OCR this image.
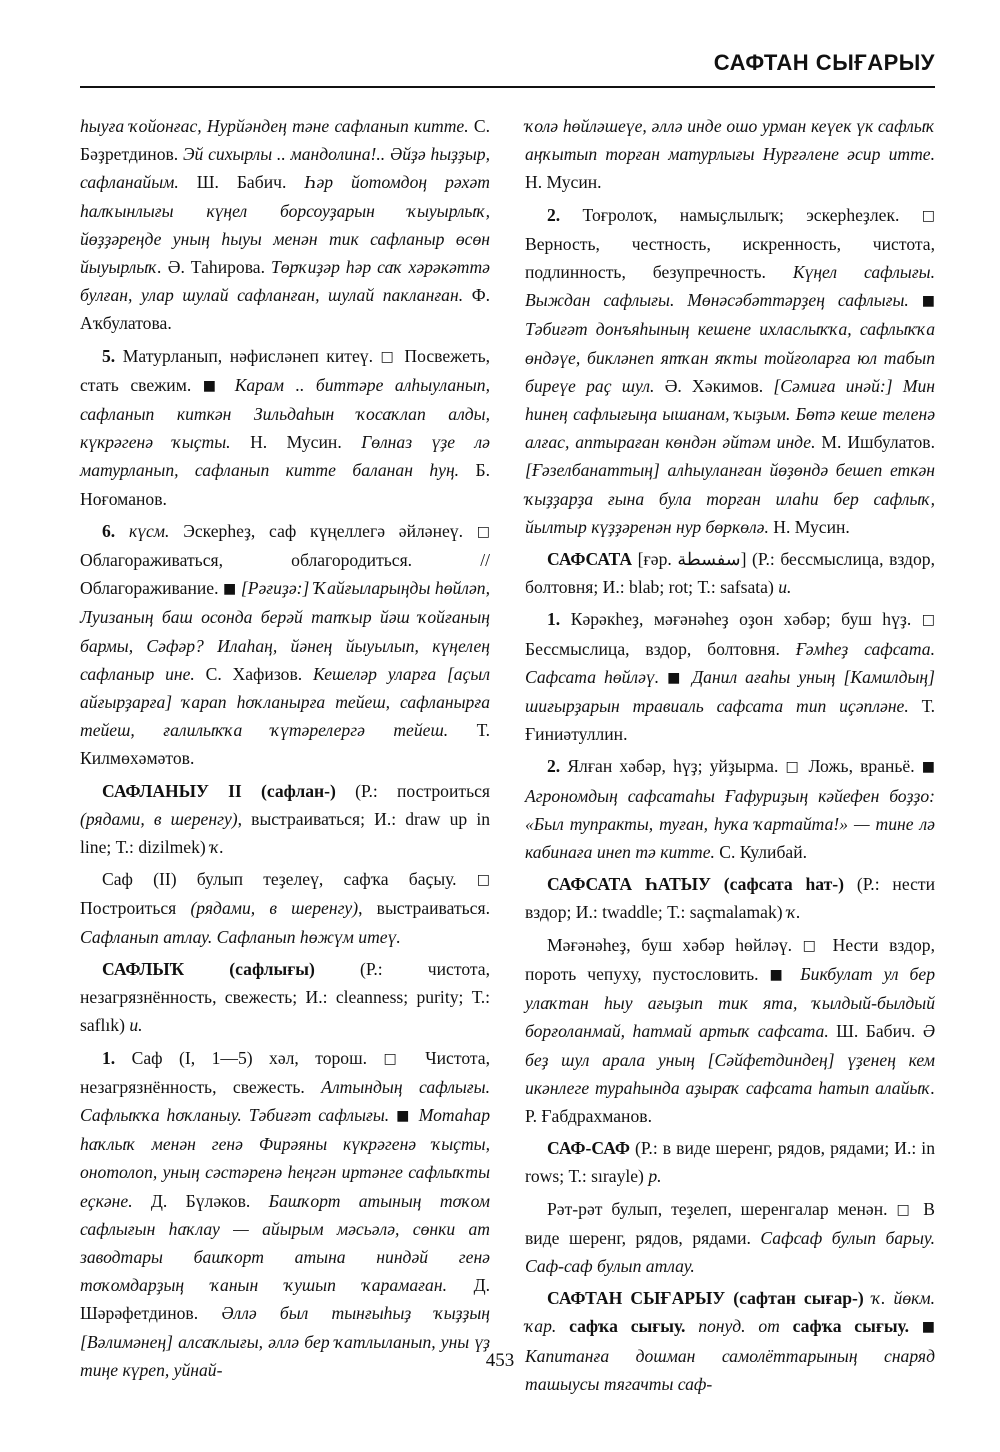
САФТАН СЫҒАРЫУ

һыуға ҡойонғас, Нурйәндең тәне сафланып китте. С. Бәҙретдинов. Эй сихырлы .. мандолина!.. Әйҙә һыҙҙыр, сафланайым. Ш. Бабич. Һәр йотомдоң рәхәт һалҡынлығы күңел борсоуҙарын ҡыуырлыҡ, йөҙҙәреңде уның һыуы менән тик сафланыр өсөн йыуырлыҡ. Ә. Таһирова. Төрҡиҙәр һәр саҡ хәрәкәттә булған, улар шулай сафланған, шулай пакланған. Ф. Аҡбулатова.

5. Матурланып, нәфисләнеп китеү. □ Посвежеть, стать свежим. ■ Карам .. биттәре алһыуланып, сафланып киткән Зильдаһын ҡосаҡлап алды, күкрәгенә ҡыҫты. Н. Мусин. Гөлназ үҙе лә матурланып, сафланып китте баланан һуң. Б. Ноғоманов.

6. күсм. Эскерһеҙ, саф күңеллегә әйләнеү. □ Облагораживаться, облагородиться. // Облагораживание. ■ [Рәғиҙә:] Ҡайғыларыңды һөйләп, Луизаның баш осонда берәй тапҡыр йәш ҡойғаның бармы, Сәфәр? Илаһаң, йәнең йыуылып, күңелең сафланыр ине. С. Хафизов. Кешеләр уларға [аҫыл айғырҙарға] ҡарап һоҡланырға тейеш, сафланырға тейеш, ғалилыҡҡа ҡүтәрелергә тейеш. Т. Килмөхәмәтов.

САФЛАНЫУ II (сафлан-) (Р.: построиться (рядами, в шеренгу), выстраиваться; И.: draw up in line; Т.: dizilmek) ҡ.

Саф (II) булып теҙелеү, сафҡа баҫыу. □ Построиться (рядами, в шеренгу), выстраиваться. Сафланып атлау. Сафланып һөжүм итеү.

САФЛЫҠ (сафлығы) (Р.: чистота, незагрязнённость, свежесть; И.: cleanness; purity; Т.: saflık) и.

1. Саф (I, 1—5) хәл, торош. □ Чистота, незагрязнённость, свежесть. Алтындың сафлығы. Сафлыҡҡа һоҡланыу. Тәбиғәт сафлығы. ■ Мотаһар һаҡлыҡ менән генә Фирәяны күкрәгенә ҡыҫты, онотолоп, уның сәстәренә һеңгән иртәнге сафлыҡты еҫкәне. Д. Бүләков. Башҡорт атының тоҡом сафлығын һаҡлау — айырым мәсьәлә, сөнки ат заводтары башҡорт атына ниндәй генә тоҡомдарҙың ҡанын ҡушып ҡарамаған. Д. Шәрәфетдинов. Әллә был тынғыһыҙ ҡыҙҙың [Вәлимәнең] алсаҡлығы, әллә бер ҡатлыланып, уны үҙ тиңе күреп, уйнай-

ҡолә һөйләшеүе, әллә инде ошо урман кеүек үк сафлыҡ аңҡытып торған матурлығы Нурғәлене әсир итте. Н. Мусин.

2. Тоғролоҡ, намыҫлылыҡ; эскерһеҙлек. □ Верность, честность, искренность, чистота, подлинность, безупречность. Күңел сафлығы. Выждан сафлығы. Мөнәсәбәттәрҙең сафлығы. ■ Тәбиғәт донъяһының кешене ихласлыҡҡа, сафлыҡҡа өндәүе, бикләнеп ятҡан яҡты тойғоларға юл табып биреүе раҫ шул. Ә. Хәкимов. [Сәмиға инәй:] Мин һинең сафлығыңа ышанам, ҡыҙым. Бөтә кеше теленә алғас, аптыраған көндән әйтәм инде. М. Ишбулатов. [Ғәзелбанаттың] алһыуланған йөҙөндә бешеп еткән ҡыҙҙарҙа ғына була торған илаһи бер сафлыҡ, йылтыр күҙҙәренән нур бөркөлә. Н. Мусин.

САФСАТА [ғәр. سفسطة] (Р.: бессмыслица, вздор, болтовня; И.: blab; rot; Т.: safsata) и.

1. Кәрәкһеҙ, мәғәнәһеҙ оҙон хәбәр; буш һүҙ. □ Бессмыслица, вздор, болтовня. Ғәмһеҙ сафсата. Сафсата һөйләү. ■ Данил ағаһы уның [Камилдың] шиғырҙарын травиаль сафсата тип иҫәпләне. Т. Ғиниәтуллин.

2. Ялған хәбәр, һүҙ; уйҙырма. □ Ложь, враньё. ■ Агрономдың сафсатаһы Ғафуриҙың кәйефен боҙҙо: «Был тупракты, туған, һуҡа ҡартайта!» — тине лә кабинаға инеп тә китте. С. Кулибай.

САФСАТА ҺАТЫУ (сафсата һат-) (Р.: нести вздор; И.: twaddle; Т.: saçmalamak) ҡ.

Мәғәнәһеҙ, буш хәбәр һөйләү. □ Нести вздор, пороть чепуху, пустословить. ■ Бикбулат ул бер улаҡтан һыу ағыҙып тик ята, ҡылдый-былдый борғоланмай, һатмай артыҡ сафсата. Ш. Бабич. Ә беҙ шул арала уның [Сәйфетдиндең] үҙенең кем икәнлеге тураһында аҙыраҡ сафсата һатып алайыҡ. Р. Ғабдрахманов.

САФ-САФ (Р.: в виде шеренг, рядов, рядами; И.: in rows; Т.: sırayle) р.

Рәт-рәт булып, теҙелеп, шеренгалар менән. □ В виде шеренг, рядов, рядами. Сафсаф булып барыу. Саф-саф булып атлау.

САФТАН СЫҒАРЫУ (сафтан сығар-) ҡ. йөкм. ҡар. сафҡа сығыу. понуд. от сафҡа сығыу. ■ Капитанға дошман самолёттарының снаряд ташыусы тягачты саф-

453
